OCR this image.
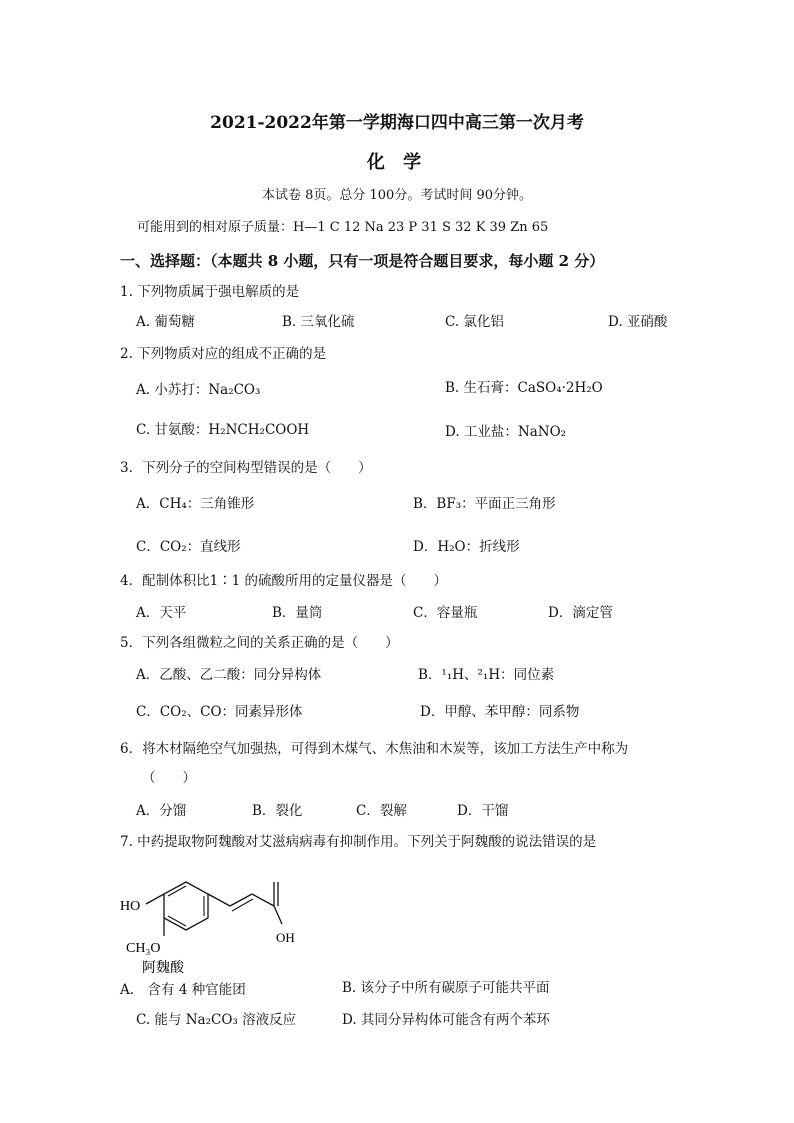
2021-2022年第一学期海口四中高三第一次月考
化 学
本试卷 8页。总分 100分。考试时间 90分钟。
可能用到的相对原子质量：H—1 C 12 Na 23 P 31 S 32 K 39 Zn 65
一、选择题：（本题共 8 小题，只有一项是符合题目要求，每小题 2 分）
1. 下列物质属于强电解质的是
A. 葡萄糖	B. 三氧化硫	C. 氯化铝	D. 亚硝酸
2. 下列物质对应的组成不正确的是
A. 小苏打：Na₂CO₃	B. 生石膏：CaSO₄·2H₂O
C. 甘氨酸：H₂NCH₂COOH	D. 工业盐：NaNO₂
3．下列分子的空间构型错误的是（　　）
A．CH₄：三角锥形	B．BF₃：平面正三角形
C．CO₂：直线形	D．H₂O：折线形
4．配制体积比1∶1 的硫酸所用的定量仪器是（　　）
A．天平	B．量筒	C．容量瓶	D．滴定管
5．下列各组微粒之间的关系正确的是（　　）
A．乙酸、乙二酸：同分异构体	B．¹₁H、²₁H：同位素
C．CO₂、CO：同素异形体	D．甲醇、苯甲醇：同系物
6．将木材隔绝空气加强热，可得到木煤气、木焦油和木炭等，该加工方法生产中称为
（　　）
A．分馏	B．裂化	C．裂解	D．干馏
7. 中药提取物阿魏酸对艾滋病病毒有抑制作用。下列关于阿魏酸的说法错误的是
HO
CH₃O
OH
阿魏酸
A.　含有 4 种官能团	B. 该分子中所有碳原子可能共平面
C. 能与 Na₂CO₃ 溶液反应	D. 其同分异构体可能含有两个苯环
